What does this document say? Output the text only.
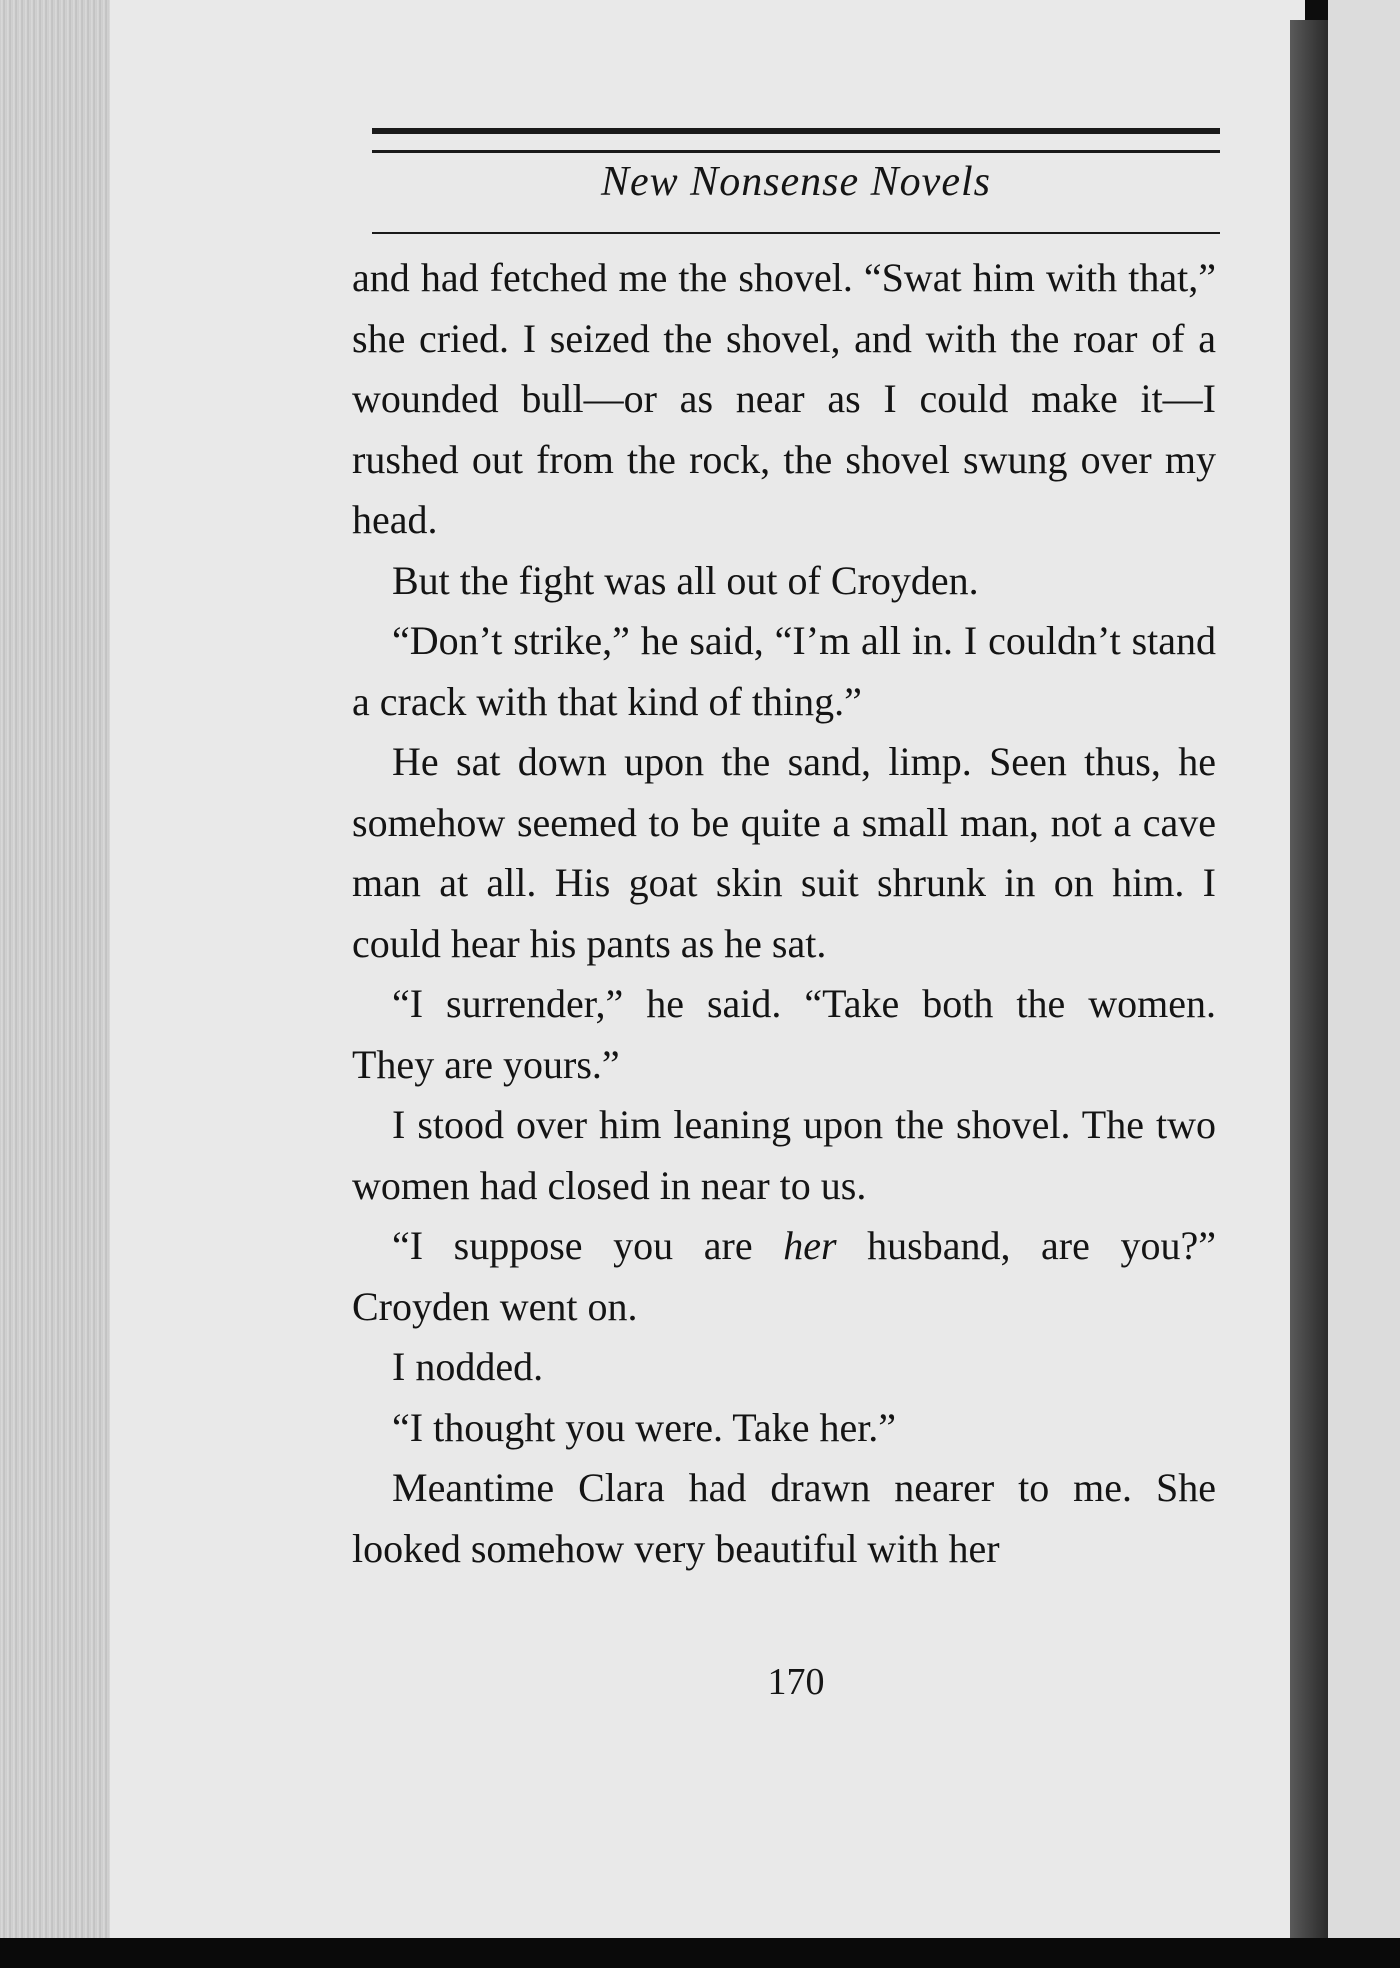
New Nonsense Novels

and had fetched me the shovel. “Swat him with that,” she cried. I seized the shovel, and with the roar of a wounded bull—or as near as I could make it—I rushed out from the rock, the shovel swung over my head.

But the fight was all out of Croyden.

“Don’t strike,” he said, “I’m all in. I couldn’t stand a crack with that kind of thing.”

He sat down upon the sand, limp. Seen thus, he somehow seemed to be quite a small man, not a cave man at all. His goat skin suit shrunk in on him. I could hear his pants as he sat.

“I surrender,” he said. “Take both the women. They are yours.”

I stood over him leaning upon the shovel. The two women had closed in near to us.

“I suppose you are her husband, are you?” Croyden went on.

I nodded.

“I thought you were. Take her.”

Meantime Clara had drawn nearer to me. She looked somehow very beautiful with her

170
